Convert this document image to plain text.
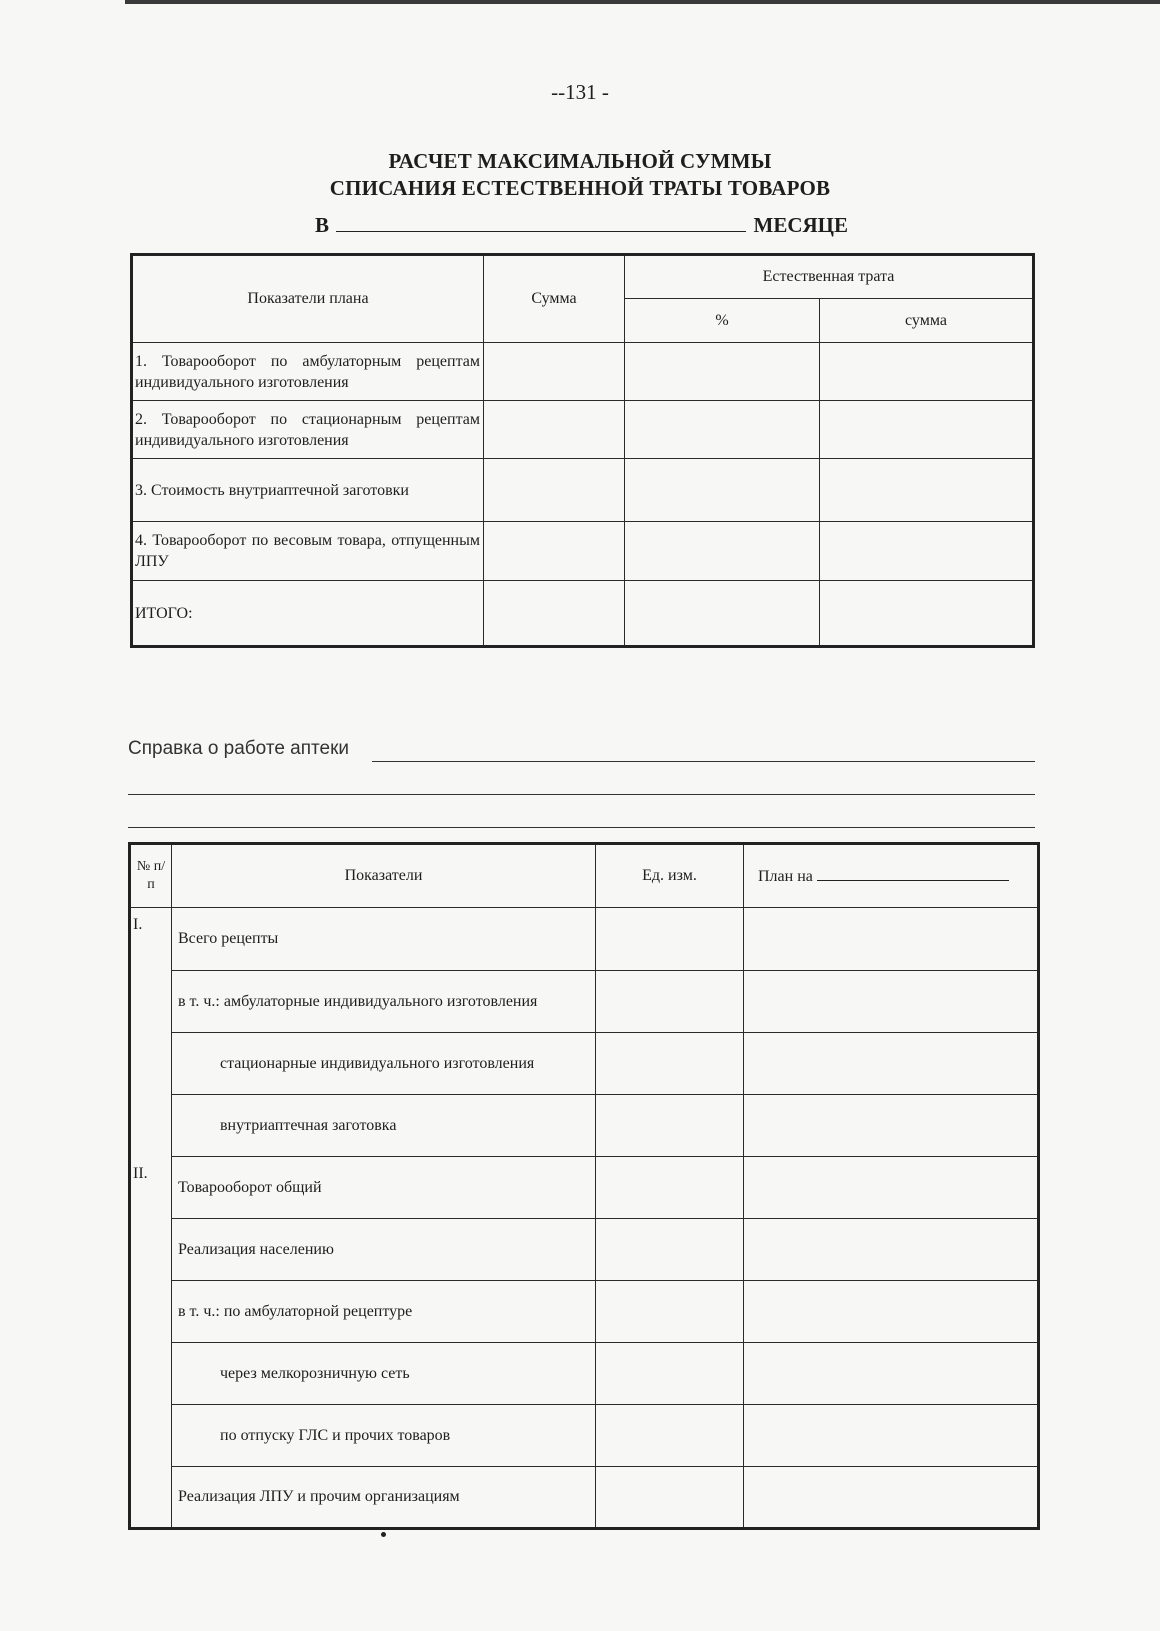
--131 -
РАСЧЕТ МАКСИМАЛЬНОЙ СУММЫ
СПИСАНИЯ ЕСТЕСТВЕННОЙ ТРАТЫ ТОВАРОВ
В	МЕСЯЦЕ
Показатели плана	Сумма	Естественная трата	
		%	сумма
1. Товарооборот по амбулаторным рецептам индивидуального изготовления			
2. Товарооборот по стационарным рецептам индивидуального изготовления			
3. Стоимость внутриаптечной заготовки			
4. Товарооборот по весовым товара, отпущенным ЛПУ			
ИТОГО:			
Справка о работе аптеки
№ п/п	Показатели	Ед. изм.	План на
I.	Всего рецепты		
	в т. ч.: амбулаторные индивидуального изготовления		
	стационарные индивидуального изготовления		
	внутриаптечная заготовка		
II.	Товарооборот общий		
	Реализация населению		
	в т. ч.: по амбулаторной рецептуре		
	через мелкорозничную сеть		
	по отпуску ГЛС и прочих товаров		
	Реализация ЛПУ и прочим организациям		
